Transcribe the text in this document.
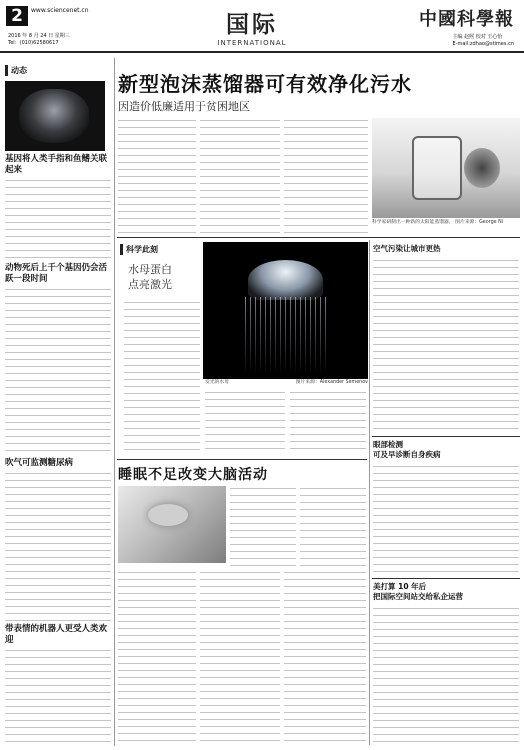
2	www.sciencenet.cn
2016 年 8 月 24 日 星期三
Tel：(010)62580617
国际
INTERNATIONAL
中國科學報
主编 赵熙 校对 王心怡
E-mail:zdhao@stimes.cn
动态
基因将人类手指和鱼鳍关联起来
动物死后上千个基因仍会活跃一段时间
吹气可监测糖尿病
带表情的机器人更受人类欢迎
新型泡沫蒸馏器可有效净化污水
因造价低廉适用于贫困地区
科学家研制出一种新的太阳能蒸馏器。 图片来源：George Ni
科学此刻
水母蛋白
点亮激光
发光的水母	图片来源：Alexander Semenov
睡眠不足改变大脑活动
空气污染让城市更热
眼部检测
可及早诊断自身疾病
美打算 10 年后
把国际空间站交给私企运营
